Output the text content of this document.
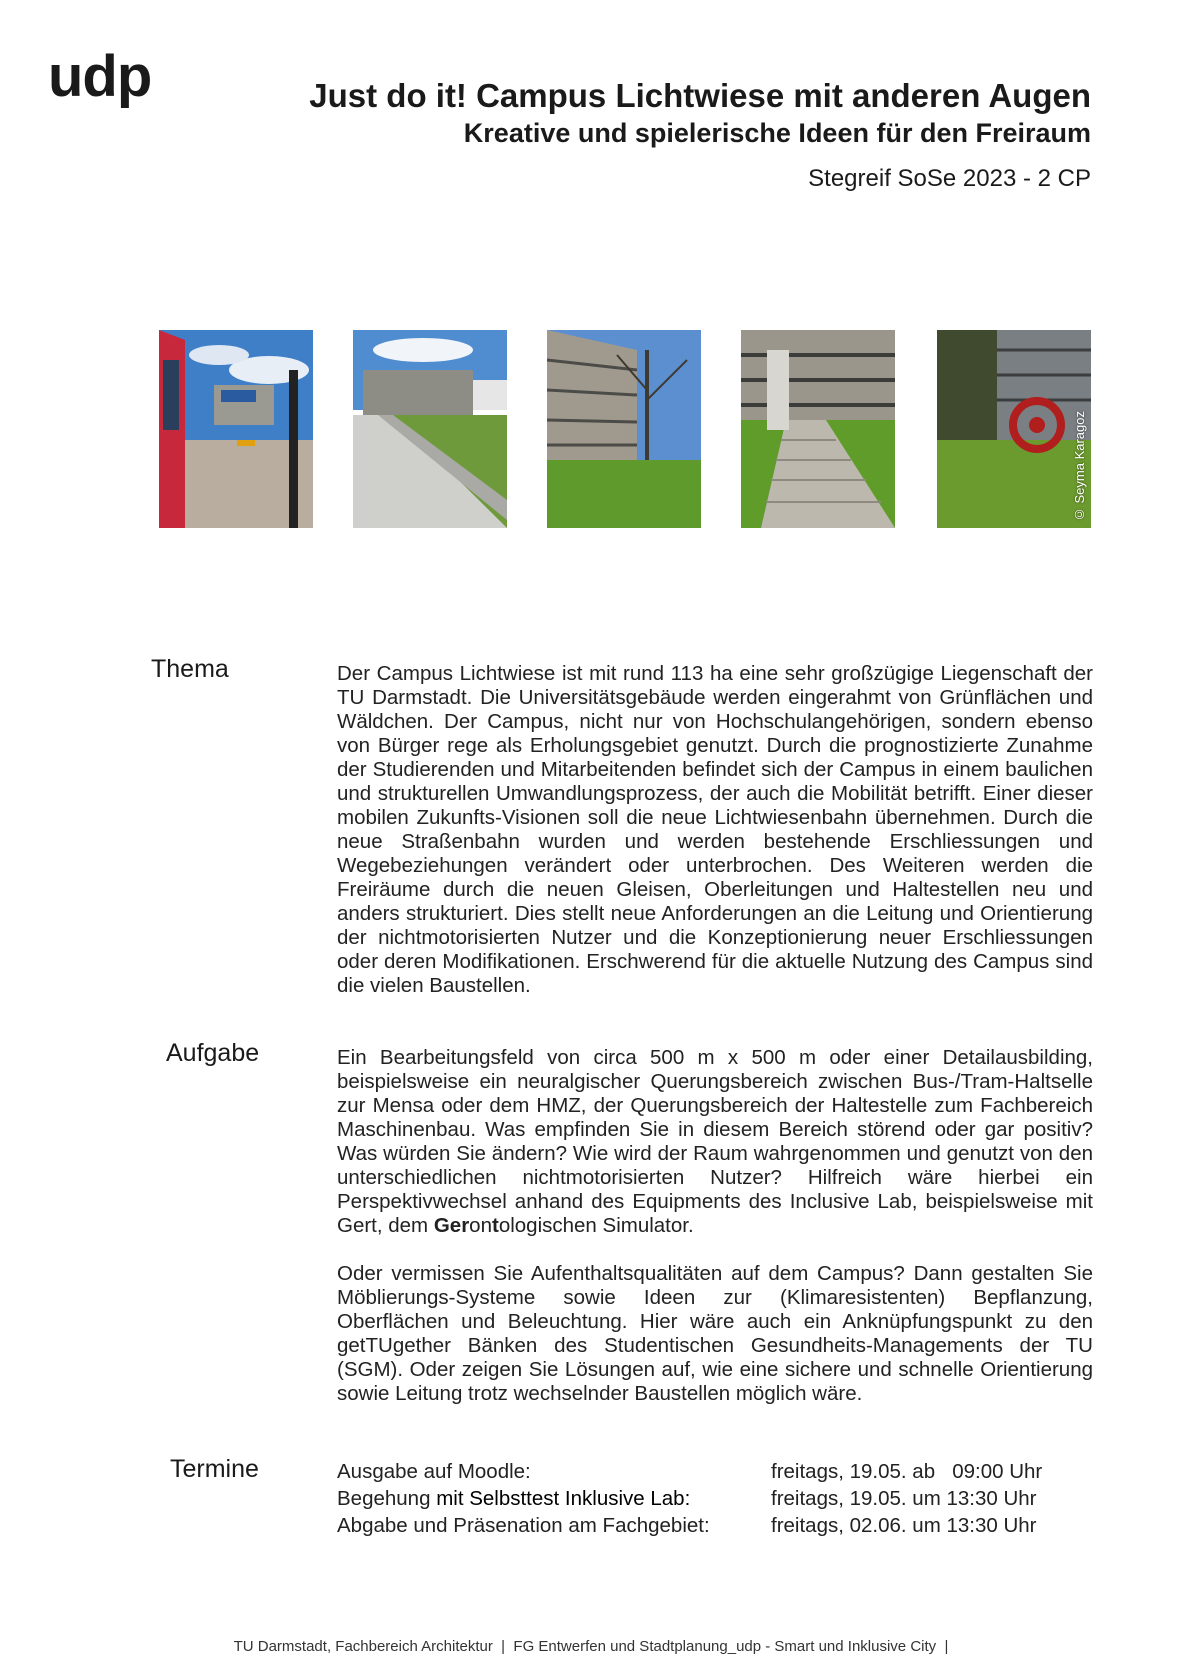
udp	Just do it! Campus Lichtwiese mit anderen Augen
Kreative und spielerische Ideen für den Freiraum
Stegreif SoSe 2023 - 2 CP
© Seyma Karagoz
Thema	Der Campus Lichtwiese ist mit rund 113 ha eine sehr großzügige Liegenschaft der TU Darmstadt. Die Universitätsgebäude werden eingerahmt von Grünflächen und Wäldchen. Der Campus, nicht nur von Hochschulangehörigen, sondern ebenso von Bürger rege als Erholungsgebiet genutzt. Durch die prognostizierte Zunahme der Studierenden und Mitarbeitenden befindet sich der Campus in einem baulichen und strukturellen Umwandlungsprozess, der auch die Mobilität betrifft. Einer dieser mobilen Zukunfts-Visionen soll die neue Lichtwiesenbahn übernehmen. Durch die neue Straßenbahn wurden und werden bestehende Erschliessungen und Wegebeziehungen verändert oder unterbrochen. Des Weiteren werden die Freiräume durch die neuen Gleisen, Oberleitungen und Haltestellen neu und anders strukturiert. Dies stellt neue Anforderungen an die Leitung und Orientierung der nichtmotorisierten Nutzer und die Konzeptionierung neuer Erschliessungen oder deren Modifikationen. Erschwerend für die aktuelle Nutzung des Campus sind die vielen Baustellen.

Aufgabe	Ein Bearbeitungsfeld von circa 500 m x 500 m oder einer Detailausbilding, beispielsweise ein neuralgischer Querungsbereich zwischen Bus-/Tram-Haltselle zur Mensa oder dem HMZ, der Querungsbereich der Haltestelle zum Fachbereich Maschinenbau. Was empfinden Sie in diesem Bereich störend oder gar positiv? Was würden Sie ändern? Wie wird der Raum wahrgenommen und genutzt von den unterschiedlichen nichtmotorisierten Nutzer? Hilfreich wäre hierbei ein Perspektivwechsel anhand des Equipments des Inclusive Lab, beispielsweise mit Gert, dem Gerontologischen Simulator.

Oder vermissen Sie Aufenthaltsqualitäten auf dem Campus? Dann gestalten Sie Möblierungs-Systeme sowie Ideen zur (Klimaresistenten) Bepflanzung, Oberflächen und Beleuchtung. Hier wäre auch ein Anknüpfungspunkt zu den getTUgether Bänken des Studentischen Gesundheits-Managements der TU (SGM). Oder zeigen Sie Lösungen auf, wie eine sichere und schnelle Orientierung sowie Leitung trotz wechselnder Baustellen möglich wäre.

Termine	Ausgabe auf Moodle:	freitags, 19.05. ab   09:00 Uhr
Begehung mit Selbsttest Inklusive Lab:	freitags, 19.05. um 13:30 Uhr
Abgabe und Präsenation am Fachgebiet:	freitags, 02.06. um 13:30 Uhr
TU Darmstadt, Fachbereich Architektur  |  FG Entwerfen und Stadtplanung_udp - Smart und Inklusive City  |
